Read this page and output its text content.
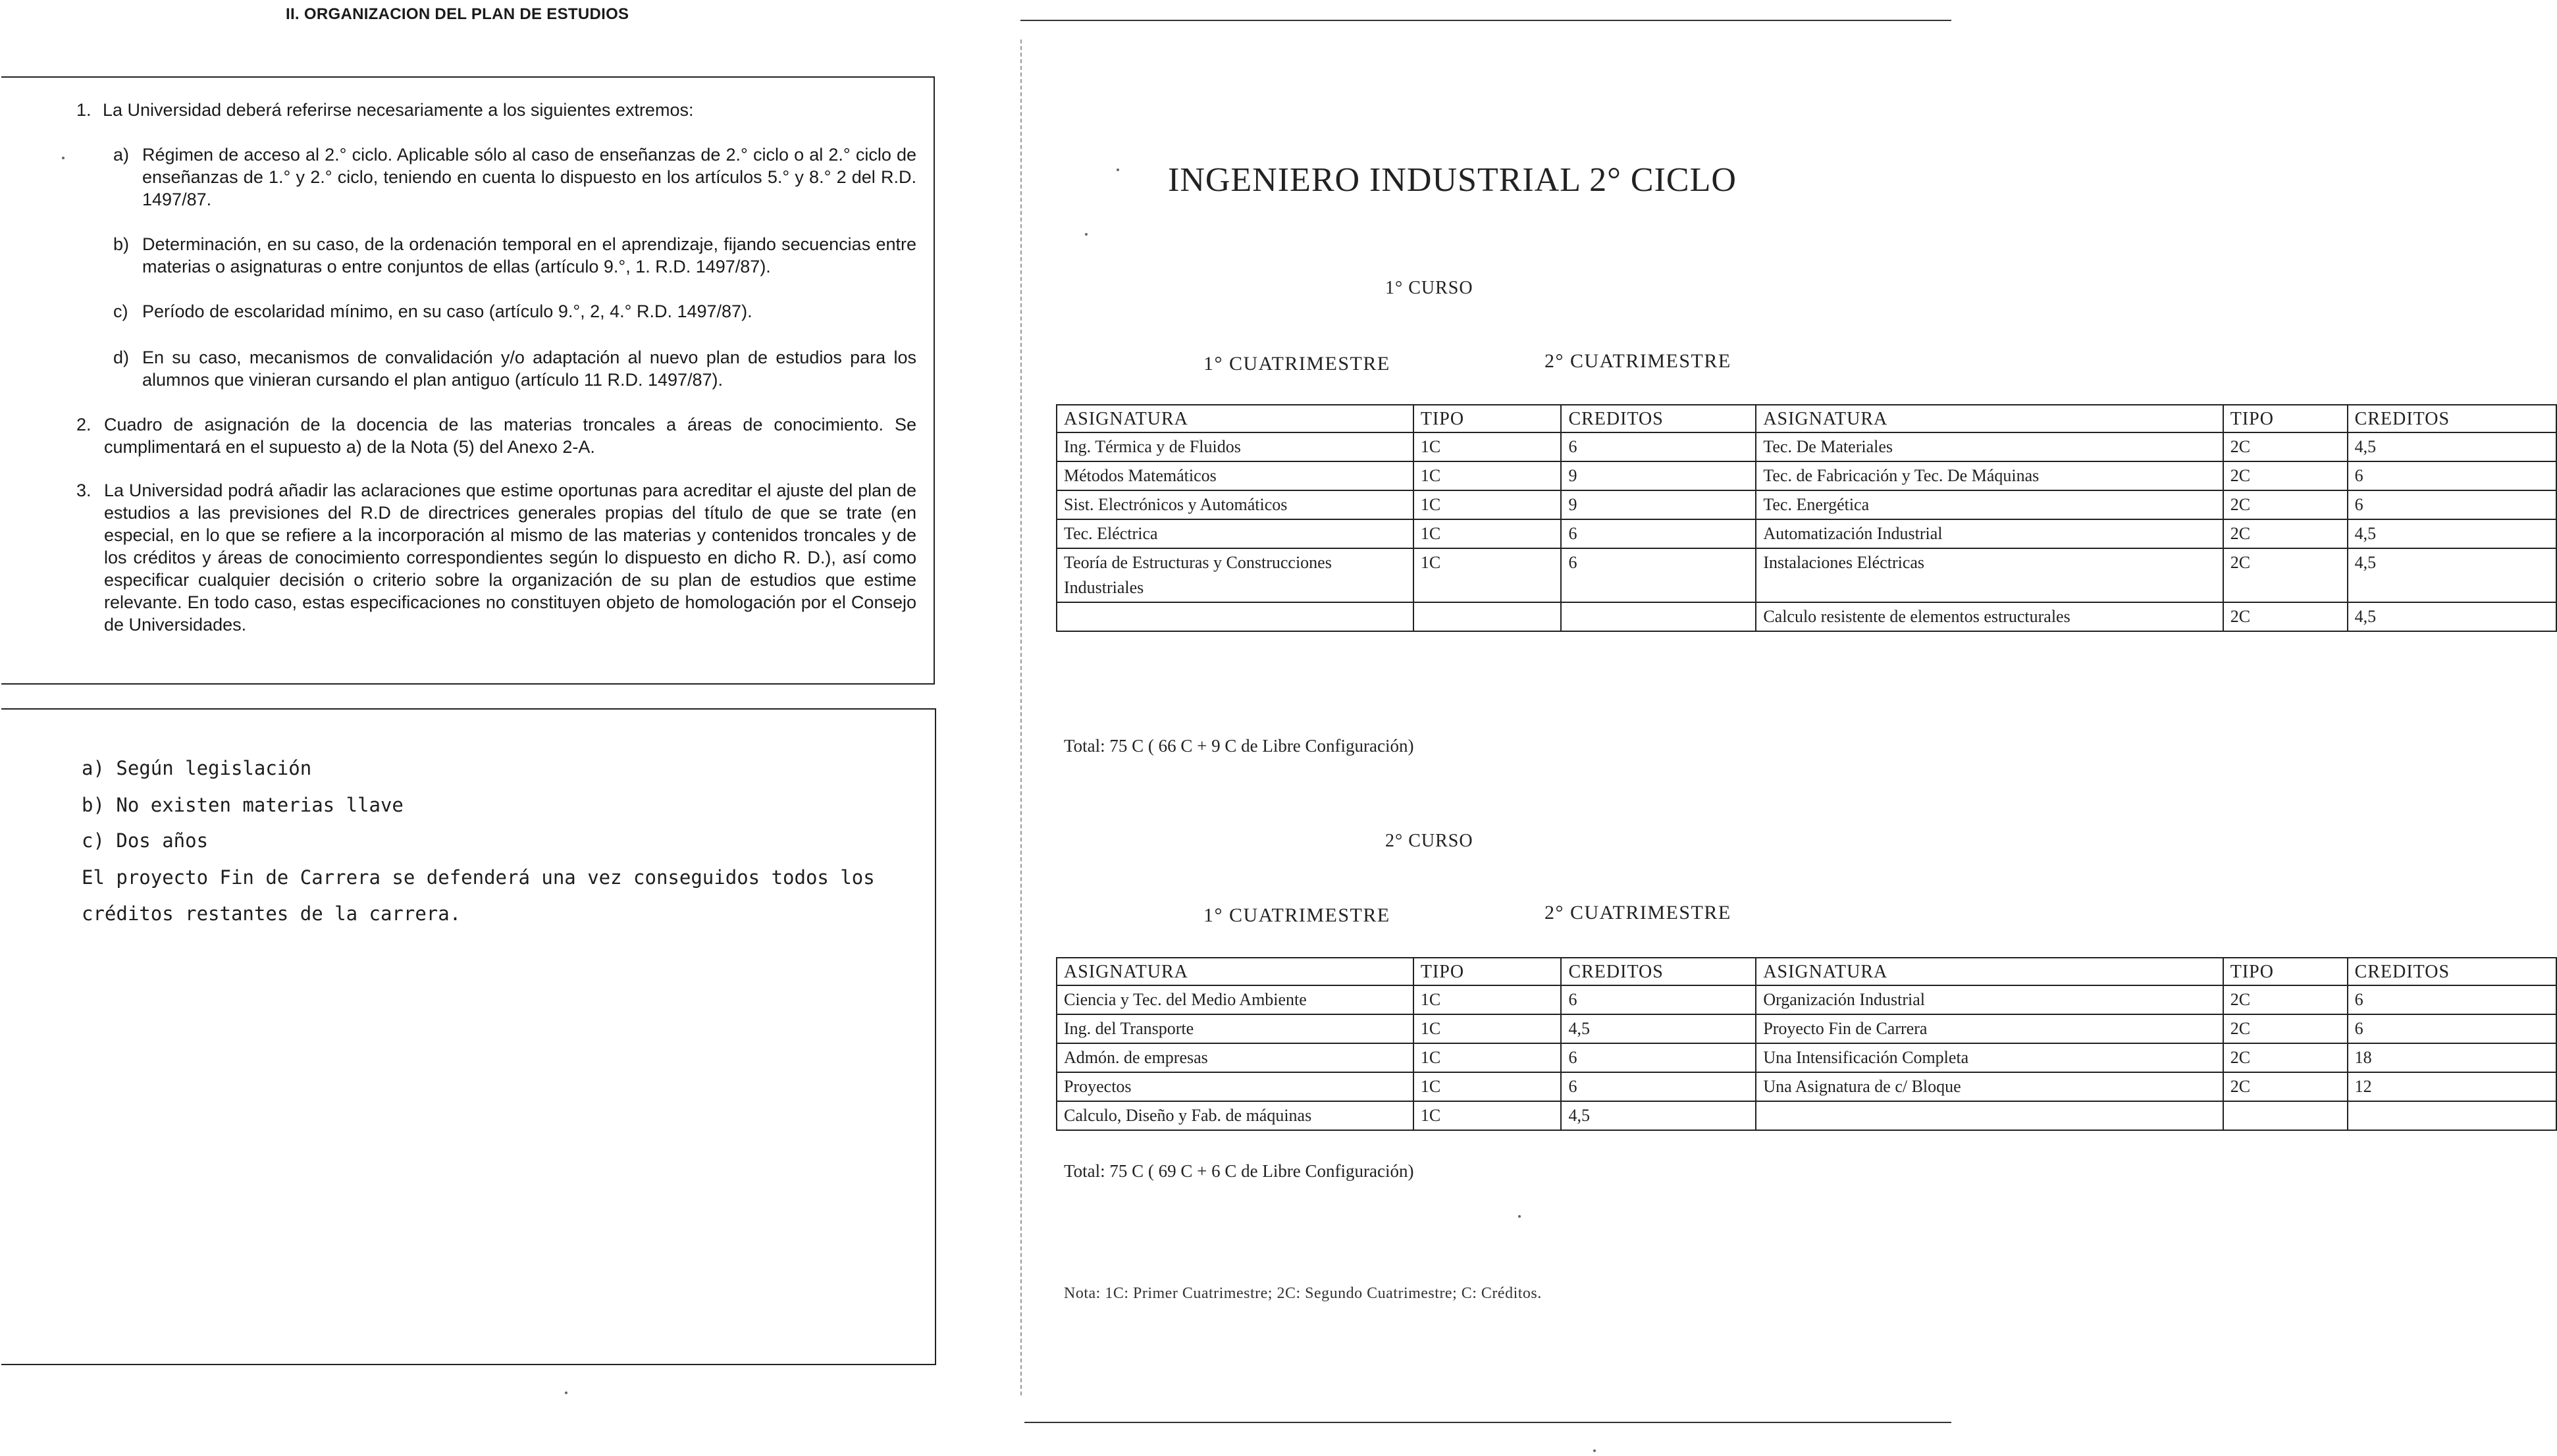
II. ORGANIZACION DEL PLAN DE ESTUDIOS
1. La Universidad deberá referirse necesariamente a los siguientes extremos:
a) Régimen de acceso al 2.° ciclo. Aplicable sólo al caso de enseñanzas de 2.° ciclo o al 2.° ciclo de enseñanzas de 1.° y 2.° ciclo, teniendo en cuenta lo dispuesto en los artículos 5.° y 8.° 2 del R.D. 1497/87.
b) Determinación, en su caso, de la ordenación temporal en el aprendizaje, fijando secuencias entre materias o asignaturas o entre conjuntos de ellas (artículo 9.°, 1. R.D. 1497/87).
c) Período de escolaridad mínimo, en su caso (artículo 9.°, 2, 4.° R.D. 1497/87).
d) En su caso, mecanismos de convalidación y/o adaptación al nuevo plan de estudios para los alumnos que vinieran cursando el plan antiguo (artículo 11 R.D. 1497/87).
2. Cuadro de asignación de la docencia de las materias troncales a áreas de conocimiento. Se cumplimentará en el supuesto a) de la Nota (5) del Anexo 2-A.
3. La Universidad podrá añadir las aclaraciones que estime oportunas para acreditar el ajuste del plan de estudios a las previsiones del R.D de directrices generales propias del título de que se trate (en especial, en lo que se refiere a la incorporación al mismo de las materias y contenidos troncales y de los créditos y áreas de conocimiento correspondientes según lo dispuesto en dicho R. D.), así como especificar cualquier decisión o criterio sobre la organización de su plan de estudios que estime relevante. En todo caso, estas especificaciones no constituyen objeto de homologación por el Consejo de Universidades.
a) Según legislación
b) No existen materias llave
c) Dos años
El proyecto Fin de Carrera se defenderá una vez conseguidos todos los créditos restantes de la carrera.
INGENIERO INDUSTRIAL 2° CICLO
1° CURSO
1° CUATRIMESTRE	2° CUATRIMESTRE
ASIGNATURA	TIPO	CREDITOS	ASIGNATURA	TIPO	CREDITOS
Ing. Térmica y de Fluidos	1C	6	Tec. De Materiales	2C	4,5
Métodos Matemáticos	1C	9	Tec. de Fabricación y Tec. De Máquinas	2C	6
Sist. Electrónicos y Automáticos	1C	9	Tec. Energética	2C	6
Tec. Eléctrica	1C	6	Automatización Industrial	2C	4,5
Teoría de Estructuras y Construcciones Industriales	1C	6	Instalaciones Eléctricas	2C	4,5
			Calculo resistente de elementos estructurales	2C	4,5
Total: 75 C ( 66 C + 9 C de Libre Configuración)
2° CURSO
1° CUATRIMESTRE	2° CUATRIMESTRE
ASIGNATURA	TIPO	CREDITOS	ASIGNATURA	TIPO	CREDITOS
Ciencia y Tec. del Medio Ambiente	1C	6	Organización Industrial	2C	6
Ing. del Transporte	1C	4,5	Proyecto Fin de Carrera	2C	6
Admón. de empresas	1C	6	Una Intensificación Completa	2C	18
Proyectos	1C	6	Una Asignatura de c/ Bloque	2C	12
Calculo, Diseño y Fab. de máquinas	1C	4,5			
Total: 75 C ( 69 C + 6 C de Libre Configuración)
Nota: 1C: Primer Cuatrimestre; 2C: Segundo Cuatrimestre; C: Créditos.
